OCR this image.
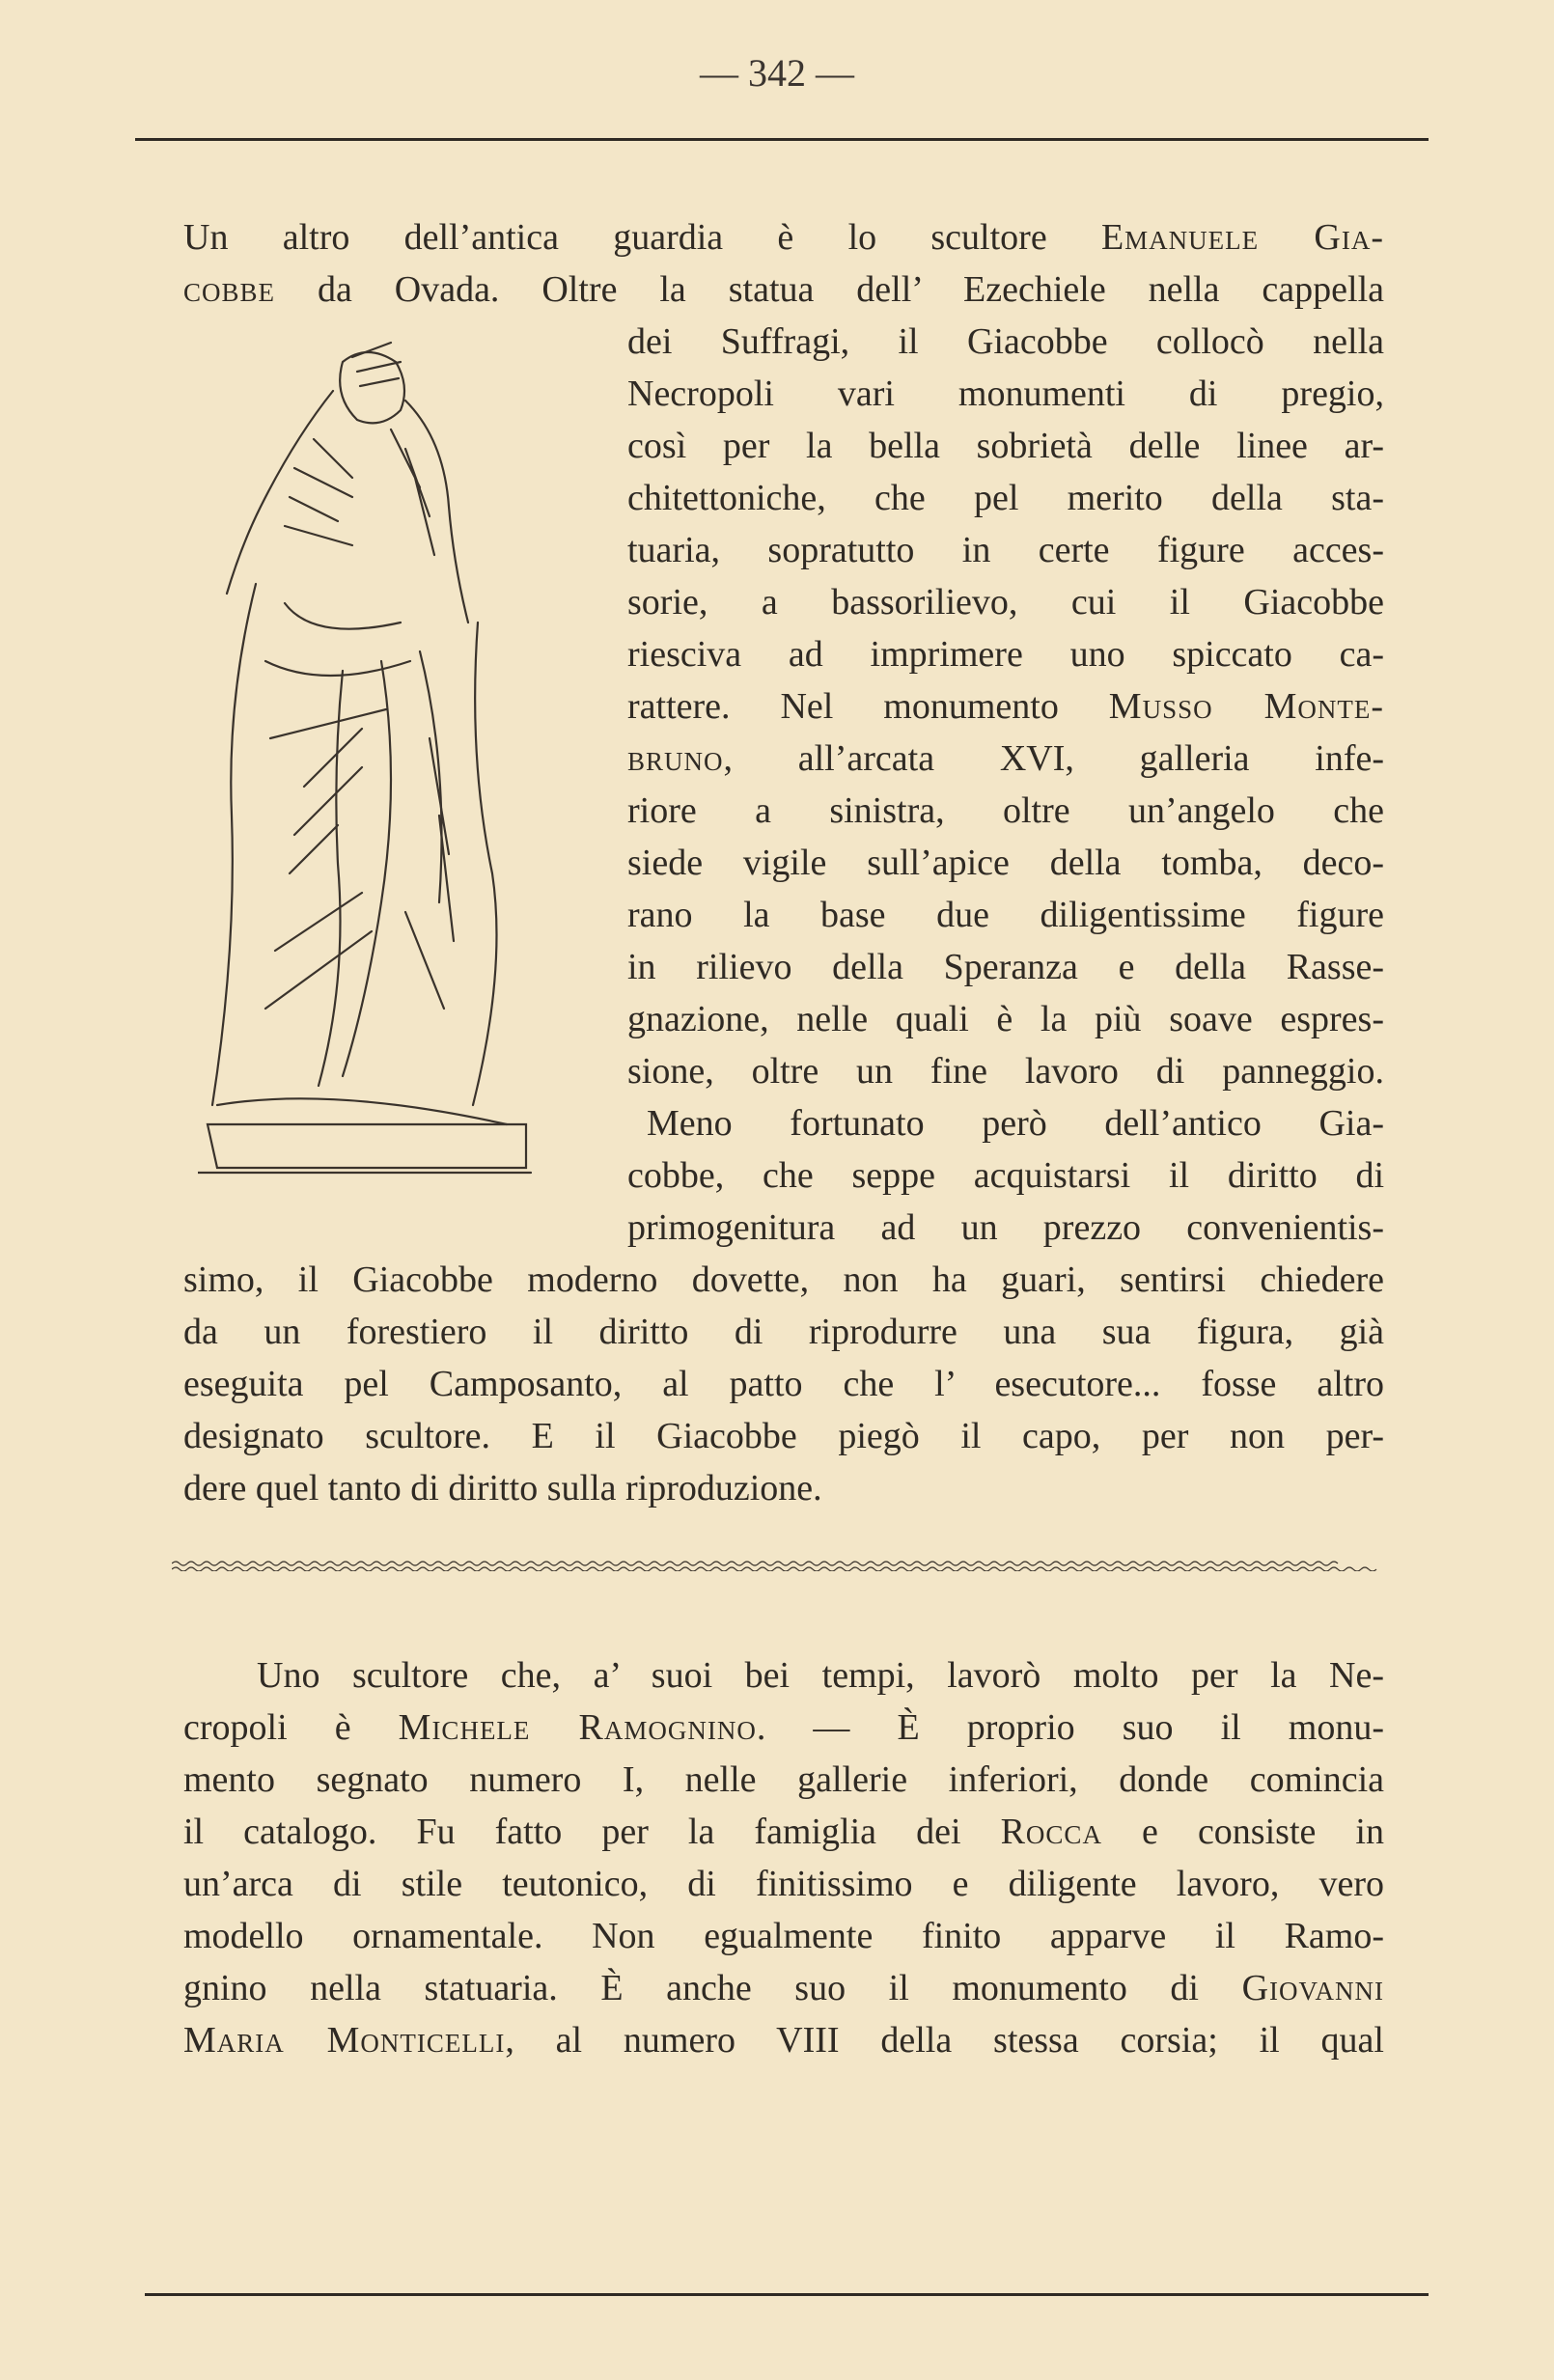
— 342 —
Un altro dell’antica guardia è lo scultore Emanuele Gia-
cobbe da Ovada. Oltre la statua dell’ Ezechiele nella cappella
dei Suffragi, il Giacobbe collocò nella
Necropoli vari monumenti di pregio,
così per la bella sobrietà delle linee ar-
chitettoniche, che pel merito della sta-
tuaria, sopratutto in certe figure acces-
sorie, a bassorilievo, cui il Giacobbe
riesciva ad imprimere uno spiccato ca-
rattere. Nel monumento Musso Monte-
bruno, all’arcata XVI, galleria infe-
riore a sinistra, oltre un’angelo che
siede vigile sull’apice della tomba, deco-
rano la base due diligentissime figure
in rilievo della Speranza e della Rasse-
gnazione, nelle quali è la più soave espres-
sione, oltre un fine lavoro di panneggio.
Meno fortunato però dell’antico Gia-
cobbe, che seppe acquistarsi il diritto di
primogenitura ad un prezzo convenientis-
simo, il Giacobbe moderno dovette, non ha guari, sentirsi chiedere
da un forestiero il diritto di riprodurre una sua figura, già
eseguita pel Camposanto, al patto che l’ esecutore... fosse altro
designato scultore. E il Giacobbe piegò il capo, per non per-
dere quel tanto di diritto sulla riproduzione.
Uno scultore che, a’ suoi bei tempi, lavorò molto per la Ne-
cropoli è Michele Ramognino. — È proprio suo il monu-
mento segnato numero I, nelle gallerie inferiori, donde comincia
il catalogo. Fu fatto per la famiglia dei Rocca e consiste in
un’arca di stile teutonico, di finitissimo e diligente lavoro, vero
modello ornamentale. Non egualmente finito apparve il Ramo-
gnino nella statuaria. È anche suo il monumento di Giovanni
Maria Monticelli, al numero VIII della stessa corsia; il qual
